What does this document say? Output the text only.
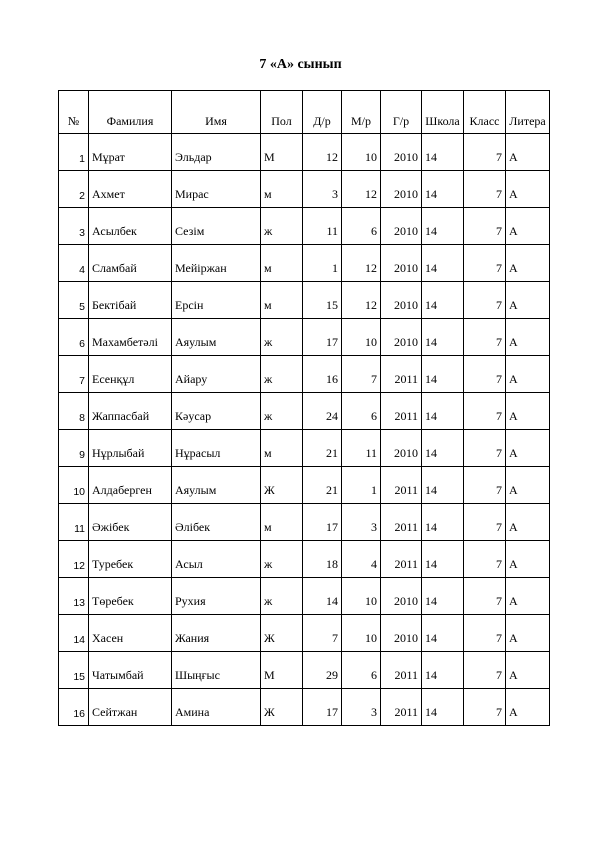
7 «А» сынып
№	Фамилия	Имя	Пол	Д/р	М/р	Г/р	Школа	Класс	Литера
1	Мұрат	Эльдар	М	12	10	2010	14	7	А
2	Ахмет	Мирас	м	3	12	2010	14	7	А
3	Асылбек	Сезім	ж	11	6	2010	14	7	А
4	Сламбай	Мейіржан	м	1	12	2010	14	7	А
5	Бектібай	Ерсін	м	15	12	2010	14	7	А
6	Махамбетәлі	Аяулым	ж	17	10	2010	14	7	А
7	Есенқұл	Айару	ж	16	7	2011	14	7	А
8	Жаппасбай	Кәусар	ж	24	6	2011	14	7	А
9	Нұрлыбай	Нұрасыл	м	21	11	2010	14	7	А
10	Алдаберген	Аяулым	Ж	21	1	2011	14	7	А
11	Әжібек	Әлібек	м	17	3	2011	14	7	А
12	Туребек	Асыл	ж	18	4	2011	14	7	А
13	Төребек	Рухия	ж	14	10	2010	14	7	А
14	Хасен	Жания	Ж	7	10	2010	14	7	А
15	Чатымбай	Шыңғыс	М	29	6	2011	14	7	А
16	Сейтжан	Амина	Ж	17	3	2011	14	7	А
